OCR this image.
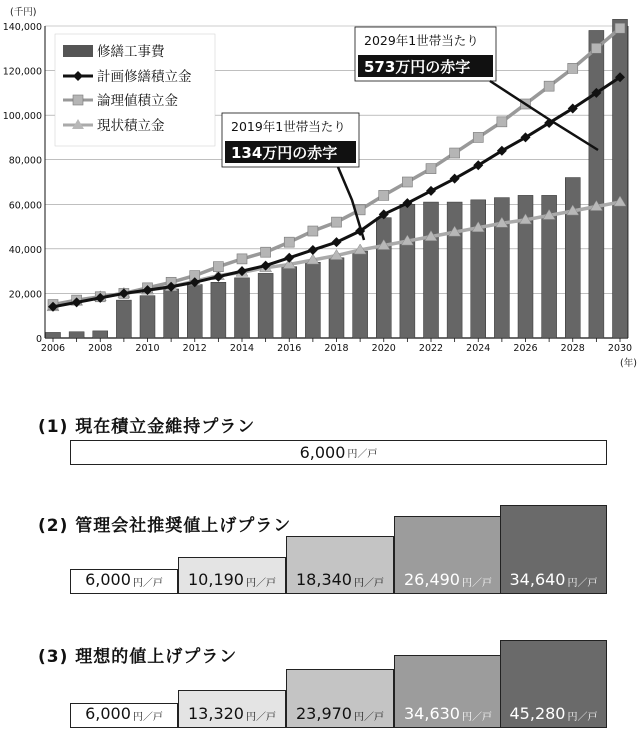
0
20,000
40,000
60,000
80,000
100,000
120,000
140,000
(千円)
2006 2008 2010 2012 2014 2016 2018 2020 2022 2024 2026 2028 2030
(年)
修繕工事費
計画修繕積立金
論理値積立金
現状積立金	2019年1世帯当たり
134万円の赤字
2029年1世帯当たり
573万円の赤字
(1) 現在積立金維持プラン
6,000 円／戸
(2) 管理会社推奨値上げプラン
6,000 円／戸 10,190 円／戸 18,340 円／戸 26,490 円／戸 34,640 円／戸
(3) 理想的値上げプラン
6,000 円／戸 13,320 円／戸 23,970 円／戸 34,630 円／戸 45,280 円／戸
